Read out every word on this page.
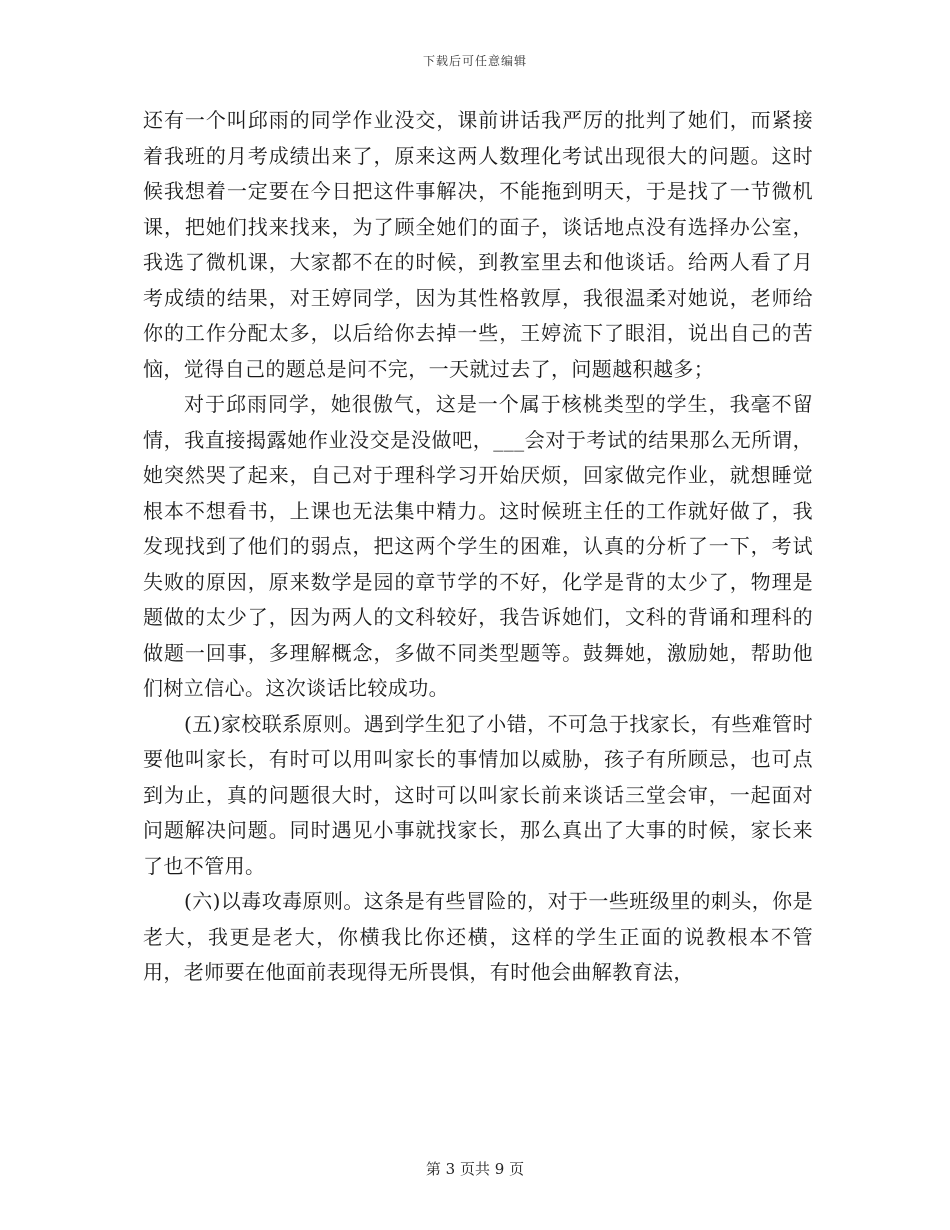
下载后可任意编辑

还有一个叫邱雨的同学作业没交，课前讲话我严厉的批判了她们，而紧接着我班的月考成绩出来了，原来这两人数理化考试出现很大的问题。这时候我想着一定要在今日把这件事解决，不能拖到明天，于是找了一节微机课，把她们找来找来，为了顾全她们的面子，谈话地点没有选择办公室，我选了微机课，大家都不在的时候，到教室里去和他谈话。给两人看了月考成绩的结果，对王婷同学，因为其性格敦厚，我很温柔对她说，老师给你的工作分配太多，以后给你去掉一些，王婷流下了眼泪，说出自己的苦恼，觉得自己的题总是问不完，一天就过去了，问题越积越多；

对于邱雨同学，她很傲气，这是一个属于核桃类型的学生，我毫不留情，我直接揭露她作业没交是没做吧，___会对于考试的结果那么无所谓，她突然哭了起来，自己对于理科学习开始厌烦，回家做完作业，就想睡觉根本不想看书，上课也无法集中精力。这时候班主任的工作就好做了，我发现找到了他们的弱点，把这两个学生的困难，认真的分析了一下，考试失败的原因，原来数学是园的章节学的不好，化学是背的太少了，物理是题做的太少了，因为两人的文科较好，我告诉她们，文科的背诵和理科的做题一回事，多理解概念，多做不同类型题等。鼓舞她，激励她，帮助他们树立信心。这次谈话比较成功。

(五)家校联系原则。遇到学生犯了小错，不可急于找家长，有些难管时要他叫家长，有时可以用叫家长的事情加以威胁，孩子有所顾忌，也可点到为止，真的问题很大时，这时可以叫家长前来谈话三堂会审，一起面对问题解决问题。同时遇见小事就找家长，那么真出了大事的时候，家长来了也不管用。

(六)以毒攻毒原则。这条是有些冒险的，对于一些班级里的刺头，你是老大，我更是老大，你横我比你还横，这样的学生正面的说教根本不管用，老师要在他面前表现得无所畏惧，有时他会曲解教育法，

第 3 页共 9 页
